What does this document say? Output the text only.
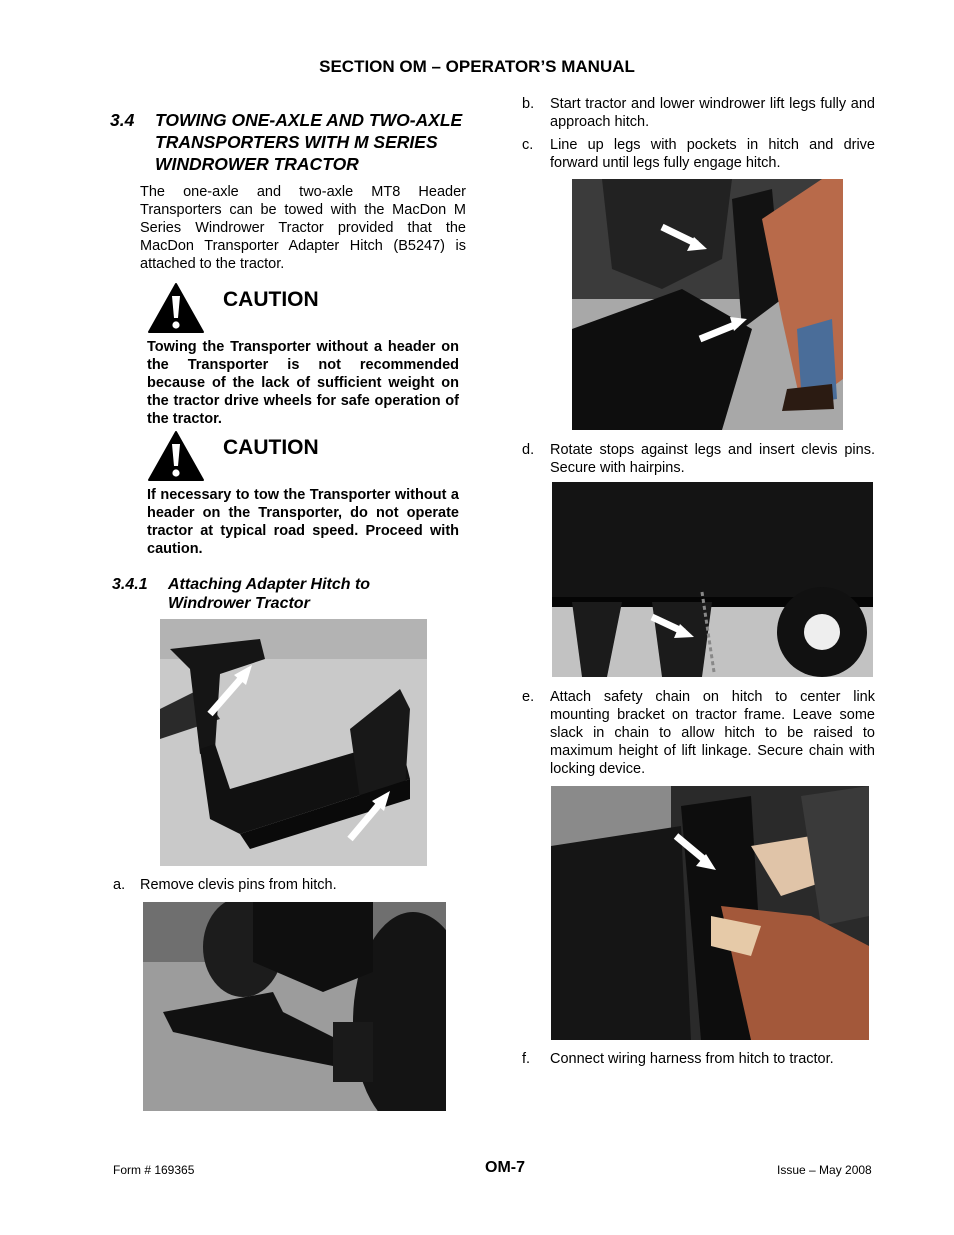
SECTION OM – OPERATOR’S MANUAL
3.4 TOWING ONE-AXLE AND TWO-AXLE TRANSPORTERS WITH M SERIES WINDROWER TRACTOR
The one-axle and two-axle MT8 Header Transporters can be towed with the MacDon M Series Windrower Tractor provided that the MacDon Transporter Adapter Hitch (B5247) is attached to the tractor.
CAUTION
Towing the Transporter without a header on the Transporter is not recommended because of the lack of sufficient weight on the tractor drive wheels for safe operation of the tractor.
CAUTION
If necessary to tow the Transporter without a header on the Transporter, do not operate tractor at typical road speed. Proceed with caution.
3.4.1 Attaching Adapter Hitch to Windrower Tractor
a. Remove clevis pins from hitch.
b. Start tractor and lower windrower lift legs fully and approach hitch.
c. Line up legs with pockets in hitch and drive forward until legs fully engage hitch.
d. Rotate stops against legs and insert clevis pins. Secure with hairpins.
e. Attach safety chain on hitch to center link mounting bracket on tractor frame. Leave some slack in chain to allow hitch to be raised to maximum height of lift linkage. Secure chain with locking device.
f. Connect wiring harness from hitch to tractor.
Form # 169365	OM-7	Issue – May 2008
